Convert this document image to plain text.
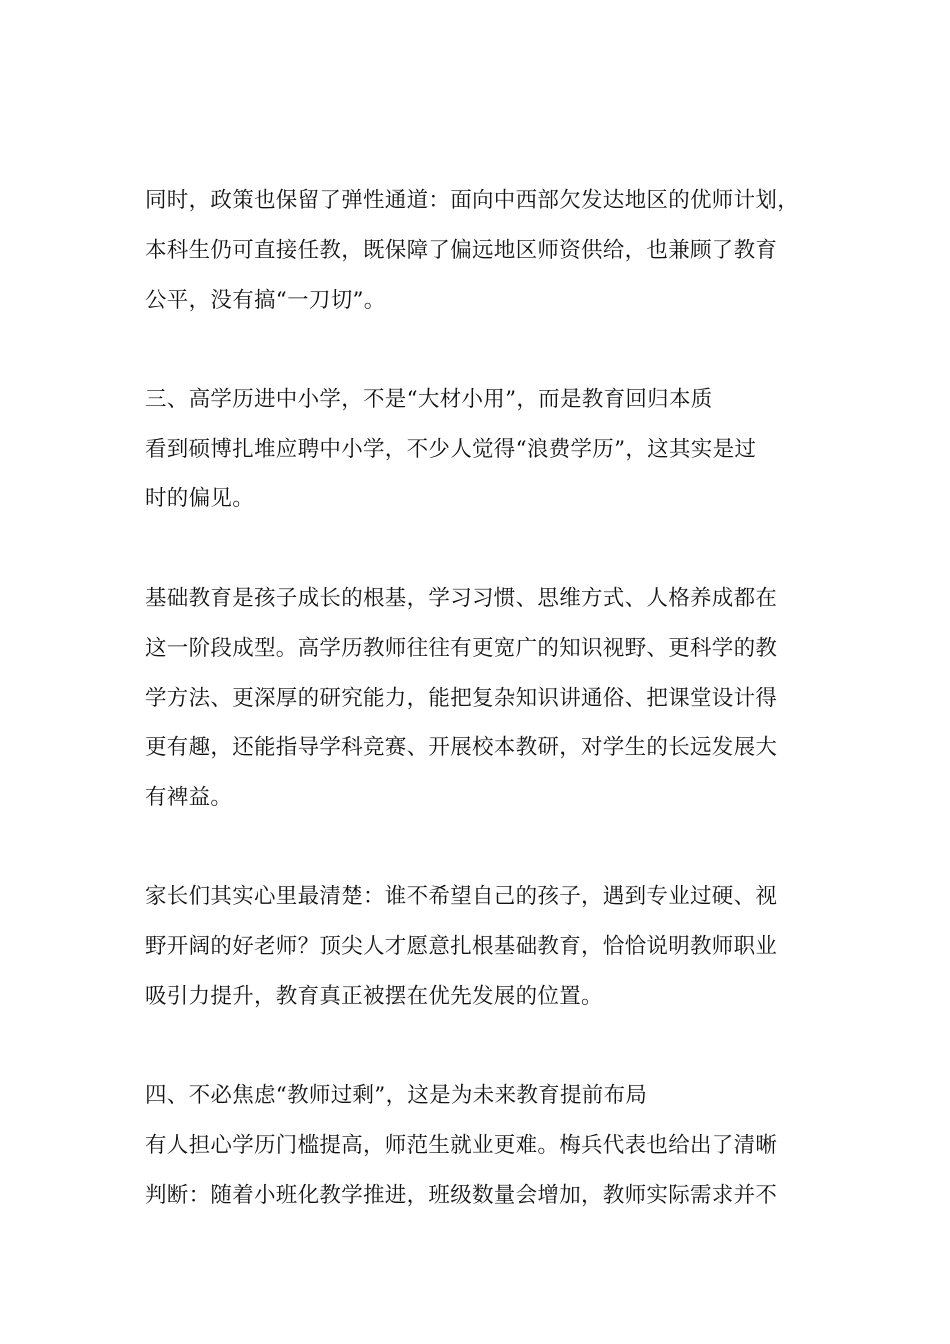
同时，政策也保留了弹性通道：面向中西部欠发达地区的优师计划，
本科生仍可直接任教，既保障了偏远地区师资供给，也兼顾了教育
公平，没有搞“一刀切”。
三、高学历进中小学，不是“大材小用”，而是教育回归本质
看到硕博扎堆应聘中小学，不少人觉得“浪费学历”，这其实是过
时的偏见。
基础教育是孩子成长的根基，学习习惯、思维方式、人格养成都在
这一阶段成型。高学历教师往往有更宽广的知识视野、更科学的教
学方法、更深厚的研究能力，能把复杂知识讲通俗、把课堂设计得
更有趣，还能指导学科竞赛、开展校本教研，对学生的长远发展大
有裨益。
家长们其实心里最清楚：谁不希望自己的孩子，遇到专业过硬、视
野开阔的好老师？顶尖人才愿意扎根基础教育，恰恰说明教师职业
吸引力提升，教育真正被摆在优先发展的位置。
四、不必焦虑“教师过剩”，这是为未来教育提前布局
有人担心学历门槛提高，师范生就业更难。梅兵代表也给出了清晰
判断：随着小班化教学推进，班级数量会增加，教师实际需求并不
